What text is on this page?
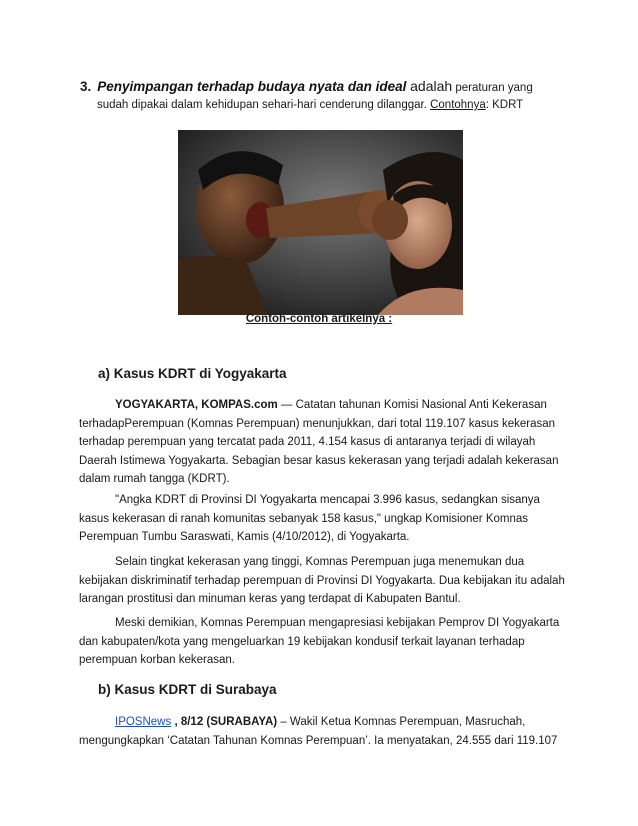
3. Penyimpangan terhadap budaya nyata dan ideal adalah peraturan yang
sudah dipakai dalam kehidupan sehari-hari cenderung dilanggar. Contohnya: KDRT
Contoh-contoh artikelnya :
a) Kasus KDRT di Yogyakarta

YOGYAKARTA, KOMPAS.com — Catatan tahunan Komisi Nasional Anti Kekerasan terhadapPerempuan (Komnas Perempuan) menunjukkan, dari total 119.107 kasus kekerasan terhadap perempuan yang tercatat pada 2011, 4.154 kasus di antaranya terjadi di wilayah Daerah Istimewa Yogyakarta. Sebagian besar kasus kekerasan yang terjadi adalah kekerasan dalam rumah tangga (KDRT).

"Angka KDRT di Provinsi DI Yogyakarta mencapai 3.996 kasus, sedangkan sisanya kasus kekerasan di ranah komunitas sebanyak 158 kasus," ungkap Komisioner Komnas Perempuan Tumbu Saraswati, Kamis (4/10/2012), di Yogyakarta.

Selain tingkat kekerasan yang tinggi, Komnas Perempuan juga menemukan dua kebijakan diskriminatif terhadap perempuan di Provinsi DI Yogyakarta. Dua kebijakan itu adalah larangan prostitusi dan minuman keras yang terdapat di Kabupaten Bantul.

Meski demikian, Komnas Perempuan mengapresiasi kebijakan Pemprov DI Yogyakarta dan kabupaten/kota yang mengeluarkan 19 kebijakan kondusif terkait layanan terhadap perempuan korban kekerasan.

b) Kasus KDRT di Surabaya

IPOSNews , 8/12 (SURABAYA) – Wakil Ketua Komnas Perempuan, Masruchah, mengungkapkan ‘Catatan Tahunan Komnas Perempuan’. Ia menyatakan, 24.555 dari 119.107
